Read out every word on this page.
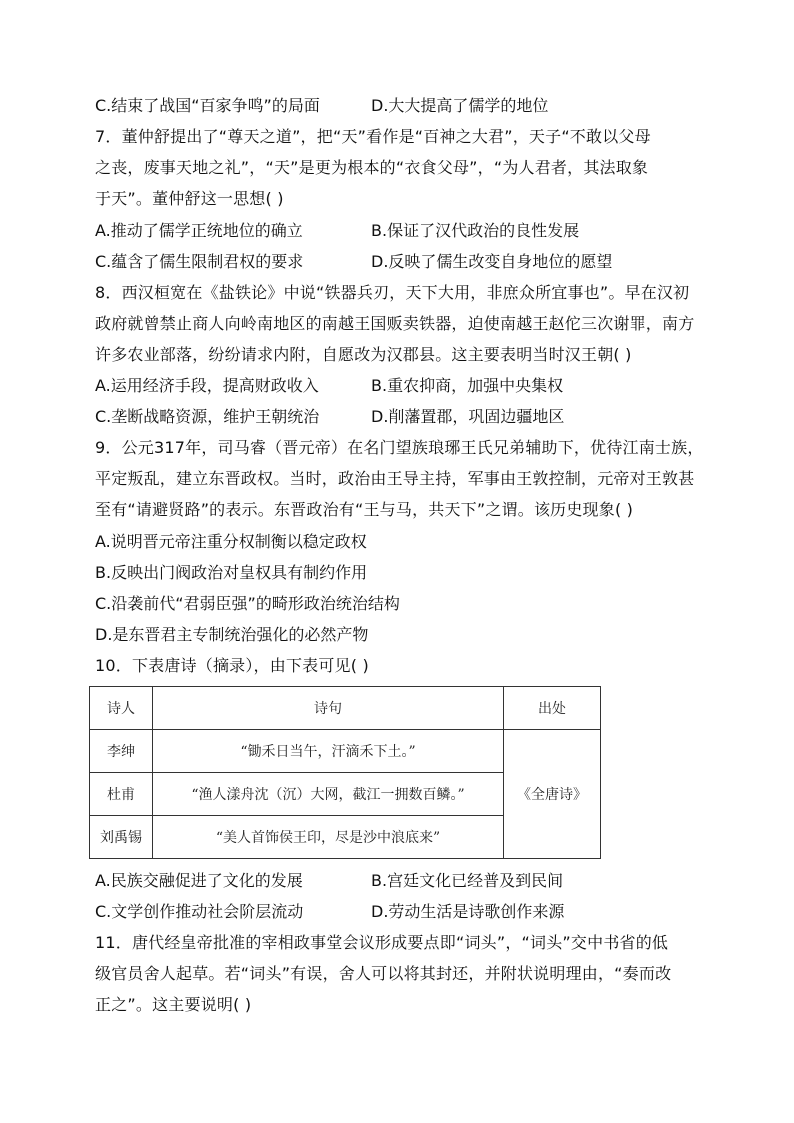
C.结束了战国“百家争鸣”的局面	D.大大提高了儒学的地位
7．董仲舒提出了“尊天之道”，把“天”看作是“百神之大君”，天子“不敢以父母
之丧，废事天地之礼”，“天”是更为根本的“衣食父母”，“为人君者，其法取象
于天”。董仲舒这一思想( )
A.推动了儒学正统地位的确立	B.保证了汉代政治的良性发展
C.蕴含了儒生限制君权的要求	D.反映了儒生改变自身地位的愿望
8．西汉桓宽在《盐铁论》中说“铁器兵刃，天下大用，非庶众所宜事也”。早在汉初
政府就曾禁止商人向岭南地区的南越王国贩卖铁器，迫使南越王赵佗三次谢罪，南方
许多农业部落，纷纷请求内附，自愿改为汉郡县。这主要表明当时汉王朝( )
A.运用经济手段，提高财政收入	B.重农抑商，加强中央集权
C.垄断战略资源，维护王朝统治	D.削藩置郡，巩固边疆地区
9．公元317年，司马睿（晋元帝）在名门望族琅琊王氏兄弟辅助下，优待江南士族，
平定叛乱，建立东晋政权。当时，政治由王导主持，军事由王敦控制，元帝对王敦甚
至有“请避贤路”的表示。东晋政治有“王与马，共天下”之谓。该历史现象( )
A.说明晋元帝注重分权制衡以稳定政权
B.反映出门阀政治对皇权具有制约作用
C.沿袭前代“君弱臣强”的畸形政治统治结构
D.是东晋君主专制统治强化的必然产物
10．下表唐诗（摘录），由下表可见( )
诗人	诗句	出处
李绅	“锄禾日当午，汗滴禾下土。”	《全唐诗》
杜甫	“渔人漾舟沈（沉）大网，截江一拥数百鳞。”	
刘禹锡	“美人首饰侯王印，尽是沙中浪底来”	
A.民族交融促进了文化的发展	B.宫廷文化已经普及到民间
C.文学创作推动社会阶层流动	D.劳动生活是诗歌创作来源
11．唐代经皇帝批准的宰相政事堂会议形成要点即“词头”，“词头”交中书省的低
级官员舍人起草。若“词头”有误，舍人可以将其封还，并附状说明理由，“奏而改
正之”。这主要说明( )
